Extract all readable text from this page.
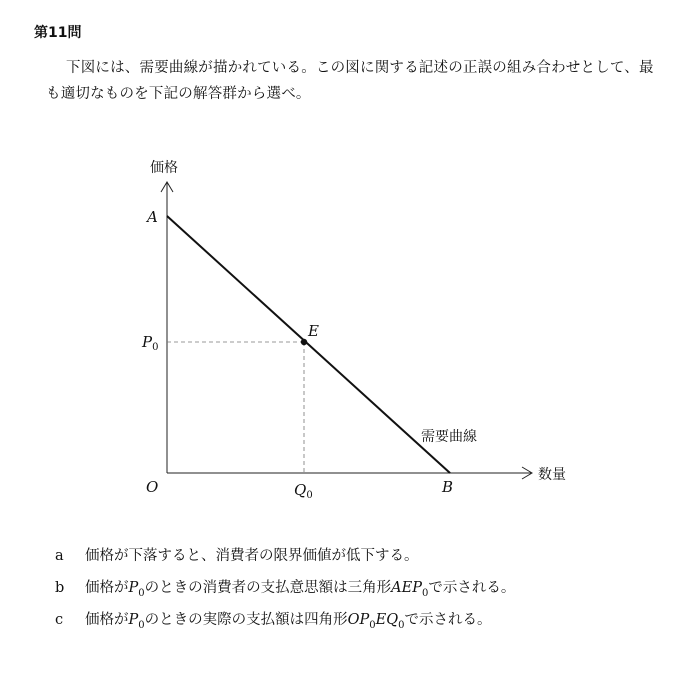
第11問

下図には、需要曲線が描かれている。この図に関する記述の正誤の組み合わせとして、最も適切なものを下記の解答群から選べ。

価格
数量
O
A
B
E
$P_0$
$Q_0$
需要曲線

a 価格が下落すると、消費者の限界価値が低下する。

b 価格が$P_0$のときの消費者の支払意思額は三角形$AEP_0$で示される。

c 価格が$P_0$のときの実際の支払額は四角形$OP_0EQ_0$で示される。
